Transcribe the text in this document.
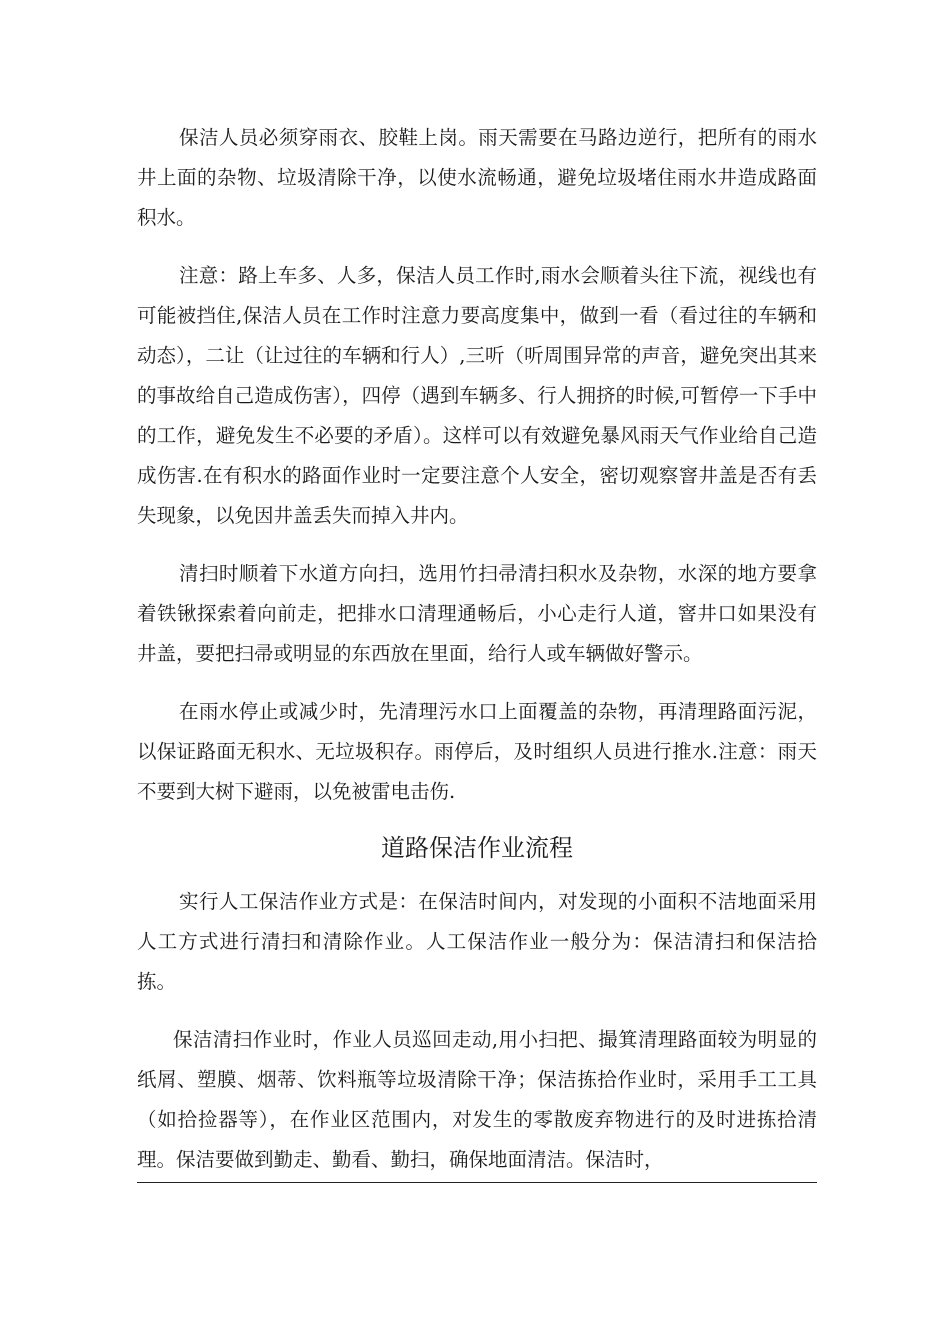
保洁人员必须穿雨衣、胶鞋上岗。雨天需要在马路边逆行，把所有的雨水井上面的杂物、垃圾清除干净，以使水流畅通，避免垃圾堵住雨水井造成路面积水。

注意：路上车多、人多，保洁人员工作时,雨水会顺着头往下流，视线也有可能被挡住,保洁人员在工作时注意力要高度集中，做到一看（看过往的车辆和动态），二让（让过往的车辆和行人）,三听（听周围异常的声音，避免突出其来的事故给自己造成伤害），四停（遇到车辆多、行人拥挤的时候,可暂停一下手中的工作，避免发生不必要的矛盾）。这样可以有效避免暴风雨天气作业给自己造成伤害.在有积水的路面作业时一定要注意个人安全，密切观察窨井盖是否有丢失现象，以免因井盖丢失而掉入井内。

清扫时顺着下水道方向扫，选用竹扫帚清扫积水及杂物，水深的地方要拿着铁锹探索着向前走，把排水口清理通畅后，小心走行人道，窨井口如果没有井盖，要把扫帚或明显的东西放在里面，给行人或车辆做好警示。

在雨水停止或减少时，先清理污水口上面覆盖的杂物，再清理路面污泥，以保证路面无积水、无垃圾积存。雨停后，及时组织人员进行推水.注意：雨天不要到大树下避雨，以免被雷电击伤.

道路保洁作业流程

实行人工保洁作业方式是：在保洁时间内，对发现的小面积不洁地面采用人工方式进行清扫和清除作业。人工保洁作业一般分为：保洁清扫和保洁拾拣。

保洁清扫作业时，作业人员巡回走动,用小扫把、撮箕清理路面较为明显的纸屑、塑膜、烟蒂、饮料瓶等垃圾清除干净；保洁拣拾作业时，采用手工工具（如拾捡器等），在作业区范围内，对发生的零散废弃物进行的及时进拣拾清理。保洁要做到勤走、勤看、勤扫，确保地面清洁。保洁时，
